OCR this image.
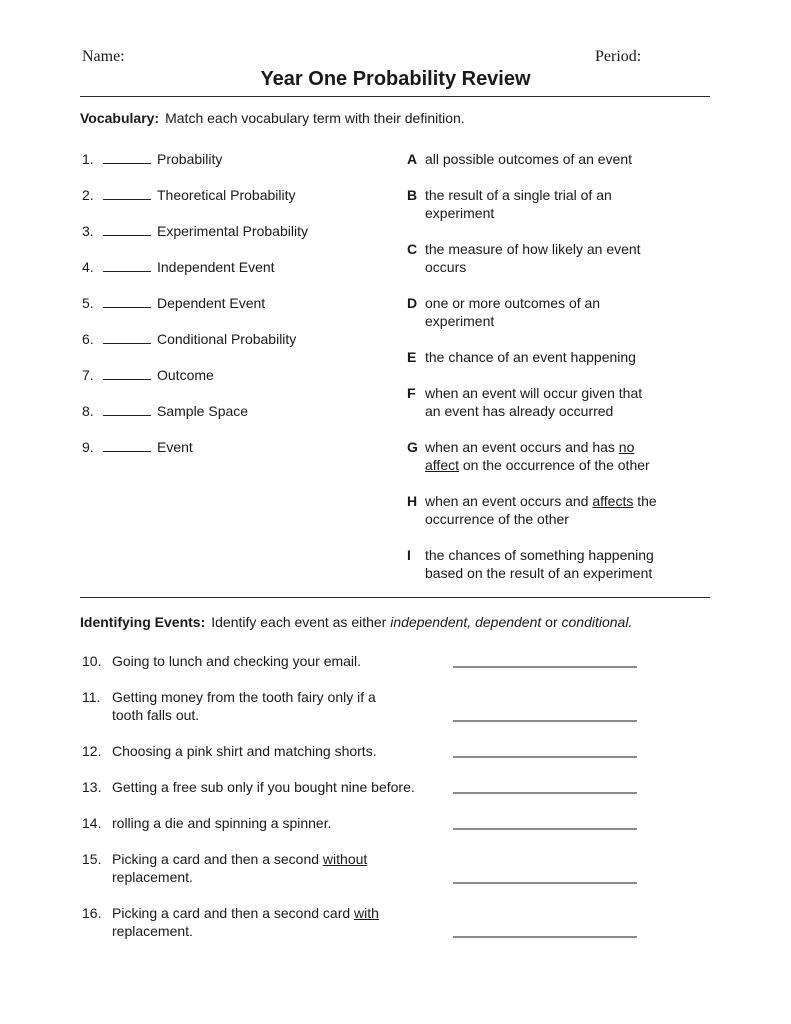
Name:	Period:
Year One Probability Review
Vocabulary: Match each vocabulary term with their definition.
1.	Probability
2.	Theoretical Probability
3.	Experimental Probability
4.	Independent Event
5.	Dependent Event
6.	Conditional Probability
7.	Outcome
8.	Sample Space
9.	Event
A all possible outcomes of an event
B the result of a single trial of an
experiment
C the measure of how likely an event
occurs
D one or more outcomes of an
experiment
E the chance of an event happening
F when an event will occur given that
an event has already occurred
G when an event occurs and has no
affect on the occurrence of the other
H when an event occurs and affects the
occurrence of the other
I	the chances of something happening
based on the result of an experiment
Identifying Events: Identify each event as either independent, dependent or conditional.
10. Going to lunch and checking your email.
11. Getting money from the tooth fairy only if a
tooth falls out.
12. Choosing a pink shirt and matching shorts.
13. Getting a free sub only if you bought nine before.
14. rolling a die and spinning a spinner.
15. Picking a card and then a second without
replacement.
16. Picking a card and then a second card with
replacement.
